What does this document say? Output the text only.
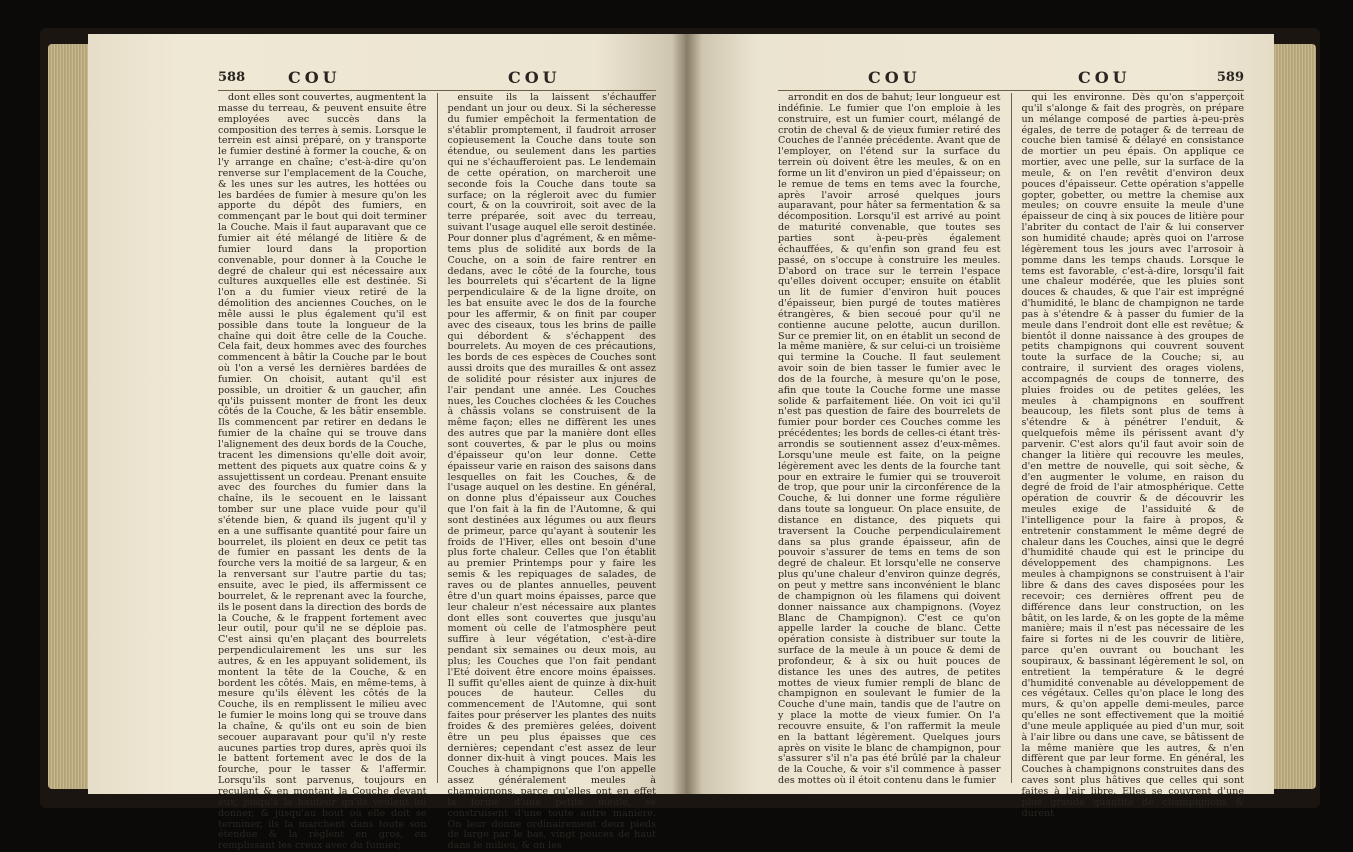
588	COU	COU

dont elles sont couvertes, augmentent la masse du terreau, & peuvent ensuite être employées avec succès dans la composition des terres à semis. Lorsque le terrein est ainsi préparé, on y transporte le fumier destiné à former la couche, & on l'y arrange en chaîne; c'est-à-dire qu'on renverse sur l'emplacement de la Couche, & les unes sur les autres, les hottées ou les bardées de fumier à mesure qu'on les apporte du dépôt des fumiers, en commençant par le bout qui doit terminer la Couche. Mais il faut auparavant que ce fumier ait été mélangé de litière & de fumier lourd dans la proportion convenable, pour donner à la Couche le degré de chaleur qui est nécessaire aux cultures auxquelles elle est destinée. Si l'on a du fumier vieux retiré de la démolition des anciennes Couches, on le mêle aussi le plus également qu'il est possible dans toute la longueur de la chaîne qui doit être celle de la Couche. Cela fait, deux hommes avec des fourches commencent à bâtir la Couche par le bout où l'on a versé les dernières bardées de fumier. On choisit, autant qu'il est possible, un droitier & un gaucher, afin qu'ils puissent monter de front les deux côtés de la Couche, & les bâtir ensemble. Ils commencent par retirer en dedans le fumier de la chaîne qui se trouve dans l'alignement des deux bords de la Couche, tracent les dimensions qu'elle doit avoir, mettent des piquets aux quatre coins & y assujettissent un cordeau. Prenant ensuite avec des fourches du fumier dans la chaîne, ils le secouent en le laissant tomber sur une place vuide pour qu'il s'étende bien, & quand ils jugent qu'il y en a une suffisante quantité pour faire un bourrelet, ils ploient en deux ce petit tas de fumier en passant les dents de la fourche vers la moitié de sa largeur, & en la renversant sur l'autre partie du tas; ensuite, avec le pied, ils affermissent ce bourrelet, & le reprenant avec la fourche, ils le posent dans la direction des bords de la Couche, & le frappent fortement avec leur outil, pour qu'il ne se déploie pas. C'est ainsi qu'en plaçant des bourrelets perpendiculairement les uns sur les autres, & en les appuyant solidement, ils montent la tête de la Couche, & en bordent les côtés. Mais, en même-tems, à mesure qu'ils élèvent les côtés de la Couche, ils en remplissent le milieu avec le fumier le moins long qui se trouve dans la chaîne, & qu'ils ont eu soin de bien secouer auparavant pour qu'il n'y reste aucunes parties trop dures, après quoi ils le battent fortement avec le dos de la fourche, pour le tasser & l'affermir. Lorsqu'ils sont parvenus, toujours en reculant & en montant la Couche devant eux, jusqu'à la hauteur qu'ils veulent lui donner, & jusqu'au bout où elle doit se terminer, ils la marchent dans toute son étendue & la règlent en gros, en remplissant les creux avec du fumier;

ensuite ils la laissent s'échauffer pendant un jour ou deux. Si la sécheresse du fumier empêchoit la fermentation de s'établir promptement, il faudroit arroser copieusement la Couche dans toute son étendue, ou seulement dans les parties qui ne s'échaufferoient pas. Le lendemain de cette opération, on marcheroit une seconde fois la Couche dans toute sa surface; on la régleroit avec du fumier court, & on la couvriroit, soit avec de la terre préparée, soit avec du terreau, suivant l'usage auquel elle seroit destinée. Pour donner plus d'agrément, & en même-tems plus de solidité aux bords de la Couche, on a soin de faire rentrer en dedans, avec le côté de la fourche, tous les bourrelets qui s'écartent de la ligne perpendiculaire & de la ligne droite, on les bat ensuite avec le dos de la fourche pour les affermir, & on finit par couper avec des ciseaux, tous les brins de paille qui débordent & s'échappent des bourrelets. Au moyen de ces précautions, les bords de ces espèces de Couches sont aussi droits que des murailles & ont assez de solidité pour résister aux injures de l'air pendant une année. Les Couches nues, les Couches clochées & les Couches à châssis volans se construisent de la même façon; elles ne diffèrent les unes des autres que par la manière dont elles sont couvertes, & par le plus ou moins d'épaisseur qu'on leur donne. Cette épaisseur varie en raison des saisons dans lesquelles on fait les Couches, & de l'usage auquel on les destine. En général, on donne plus d'épaisseur aux Couches que l'on fait à la fin de l'Automne, & qui sont destinées aux légumes ou aux fleurs de primeur, parce qu'ayant à soutenir les froids de l'Hiver, elles ont besoin d'une plus forte chaleur. Celles que l'on établit au premier Printemps pour y faire les semis & les repiquages de salades, de raves ou de plantes annuelles, peuvent être d'un quart moins épaisses, parce que leur chaleur n'est nécessaire aux plantes dont elles sont couvertes que jusqu'au moment où celle de l'atmosphère peut suffire à leur végétation, c'est-à-dire pendant six semaines ou deux mois, au plus; les Couches que l'on fait pendant l'Eté doivent être encore moins épaisses. Il suffit qu'elles aient de quinze à dix-huit pouces de hauteur. Celles du commencement de l'Automne, qui sont faites pour préserver les plantes des nuits froides & des premières gelées, doivent être un peu plus épaisses que ces dernières; cependant c'est assez de leur donner dix-huit à vingt pouces. Mais les Couches à champignons que l'on appelle assez généralement meules à champignons, parce qu'elles ont en effet la forme d'une petite meule, se construisent d'une toute autre manière. On leur donne ordinairement deux pieds de large par le bas, vingt pouces de haut dans le milieu, & on les

COU	COU	589

arrondit en dos de bahut; leur longueur est indéfinie. Le fumier que l'on emploie à les construire, est un fumier court, mélangé de crotin de cheval & de vieux fumier retiré des Couches de l'année précédente. Avant que de l'employer, on l'étend sur la surface du terrein où doivent être les meules, & on en forme un lit d'environ un pied d'épaisseur; on le remue de tems en tems avec la fourche, après l'avoir arrosé quelques jours auparavant, pour hâter sa fermentation & sa décomposition. Lorsqu'il est arrivé au point de maturité convenable, que toutes ses parties sont à-peu-près également échauffées, & qu'enfin son grand feu est passé, on s'occupe à construire les meules. D'abord on trace sur le terrein l'espace qu'elles doivent occuper; ensuite on établit un lit de fumier d'environ huit pouces d'épaisseur, bien purgé de toutes matières étrangères, & bien secoué pour qu'il ne contienne aucune pelotte, aucun durillon. Sur ce premier lit, on en établit un second de la même manière, & sur celui-ci un troisième qui termine la Couche. Il faut seulement avoir soin de bien tasser le fumier avec le dos de la fourche, à mesure qu'on le pose, afin que toute la Couche forme une masse solide & parfaitement liée. On voit ici qu'il n'est pas question de faire des bourrelets de fumier pour border ces Couches comme les précédentes; les bords de celles-ci étant très-arrondis se soutiennent assez d'eux-mêmes. Lorsqu'une meule est faite, on la peigne légèrement avec les dents de la fourche tant pour en extraire le fumier qui se trouveroit de trop, que pour unir la circonférence de la Couche, & lui donner une forme régulière dans toute sa longueur. On place ensuite, de distance en distance, des piquets qui traversent la Couche perpendiculairement dans sa plus grande épaisseur, afin de pouvoir s'assurer de tems en tems de son degré de chaleur. Et lorsqu'elle ne conserve plus qu'une chaleur d'environ quinze degrés, on peut y mettre sans inconvénient le blanc de champignon où les filamens qui doivent donner naissance aux champignons. (Voyez Blanc de Champignon). C'est ce qu'on appelle larder la couche de blanc. Cette opération consiste à distribuer sur toute la surface de la meule à un pouce & demi de profondeur, & à six ou huit pouces de distance les unes des autres, de petites mottes de vieux fumier rempli de blanc de champignon en soulevant le fumier de la Couche d'une main, tandis que de l'autre on y place la motte de vieux fumier. On l'a recouvre ensuite, & l'on raffermit la meule en la battant légèrement. Quelques jours après on visite le blanc de champignon, pour s'assurer s'il n'a pas été brûlé par la chaleur de la Couche, & voir s'il commence à passer des mottes où il étoit contenu dans le fumier

qui les environne. Dès qu'on s'apperçoit qu'il s'alonge & fait des progrès, on prépare un mélange composé de parties à-peu-près égales, de terre de potager & de terreau de couche bien tamisé & délayé en consistance de mortier un peu épais. On applique ce mortier, avec une pelle, sur la surface de la meule, & on l'en revêtit d'environ deux pouces d'épaisseur. Cette opération s'appelle gopter, gobetter, ou mettre la chemise aux meules; on couvre ensuite la meule d'une épaisseur de cinq à six pouces de litière pour l'abriter du contact de l'air & lui conserver son humidité chaude; après quoi on l'arrose légèrement tous les jours avec l'arrosoir à pomme dans les temps chauds. Lorsque le tems est favorable, c'est-à-dire, lorsqu'il fait une chaleur modérée, que les pluies sont douces & chaudes, & que l'air est imprégné d'humidité, le blanc de champignon ne tarde pas à s'étendre & à passer du fumier de la meule dans l'endroit dont elle est revêtue; & bientôt il donne naissance à des groupes de petits champignons qui couvrent souvent toute la surface de la Couche; si, au contraire, il survient des orages violens, accompagnés de coups de tonnerre, des pluies froides ou de petites gelées, les meules à champignons en souffrent beaucoup, les filets sont plus de tems à s'étendre & à pénétrer l'enduit, & quelquefois même ils périssent avant d'y parvenir. C'est alors qu'il faut avoir soin de changer la litière qui recouvre les meules, d'en mettre de nouvelle, qui soit sèche, & d'en augmenter le volume, en raison du degré de froid de l'air atmosphérique. Cette opération de couvrir & de découvrir les meules exige de l'assiduité & de l'intelligence pour la faire à propos, & entretenir constamment le même degré de chaleur dans les Couches, ainsi que le degré d'humidité chaude qui est le principe du développement des champignons. Les meules à champignons se construisent à l'air libre & dans des caves disposées pour les recevoir; ces dernières offrent peu de différence dans leur construction, on les bâtit, on les larde, & on les gopte de la même manière; mais il n'est pas nécessaire de les faire si fortes ni de les couvrir de litière, parce qu'en ouvrant ou bouchant les soupiraux, & bassinant légèrement le sol, on entretient la température & le degré d'humidité convenable au développement de ces végétaux. Celles qu'on place le long des murs, & qu'on appelle demi-meules, parce qu'elles ne sont effectivement que la moitié d'une meule appliquée au pied d'un mur, soit à l'air libre ou dans une cave, se bâtissent de la même manière que les autres, & n'en diffèrent que par leur forme. En général, les Couches à champignons construites dans des caves sont plus hâtives que celles qui sont faites à l'air libre. Elles se couvrent d'une plus grande quantité de champignons & durent
